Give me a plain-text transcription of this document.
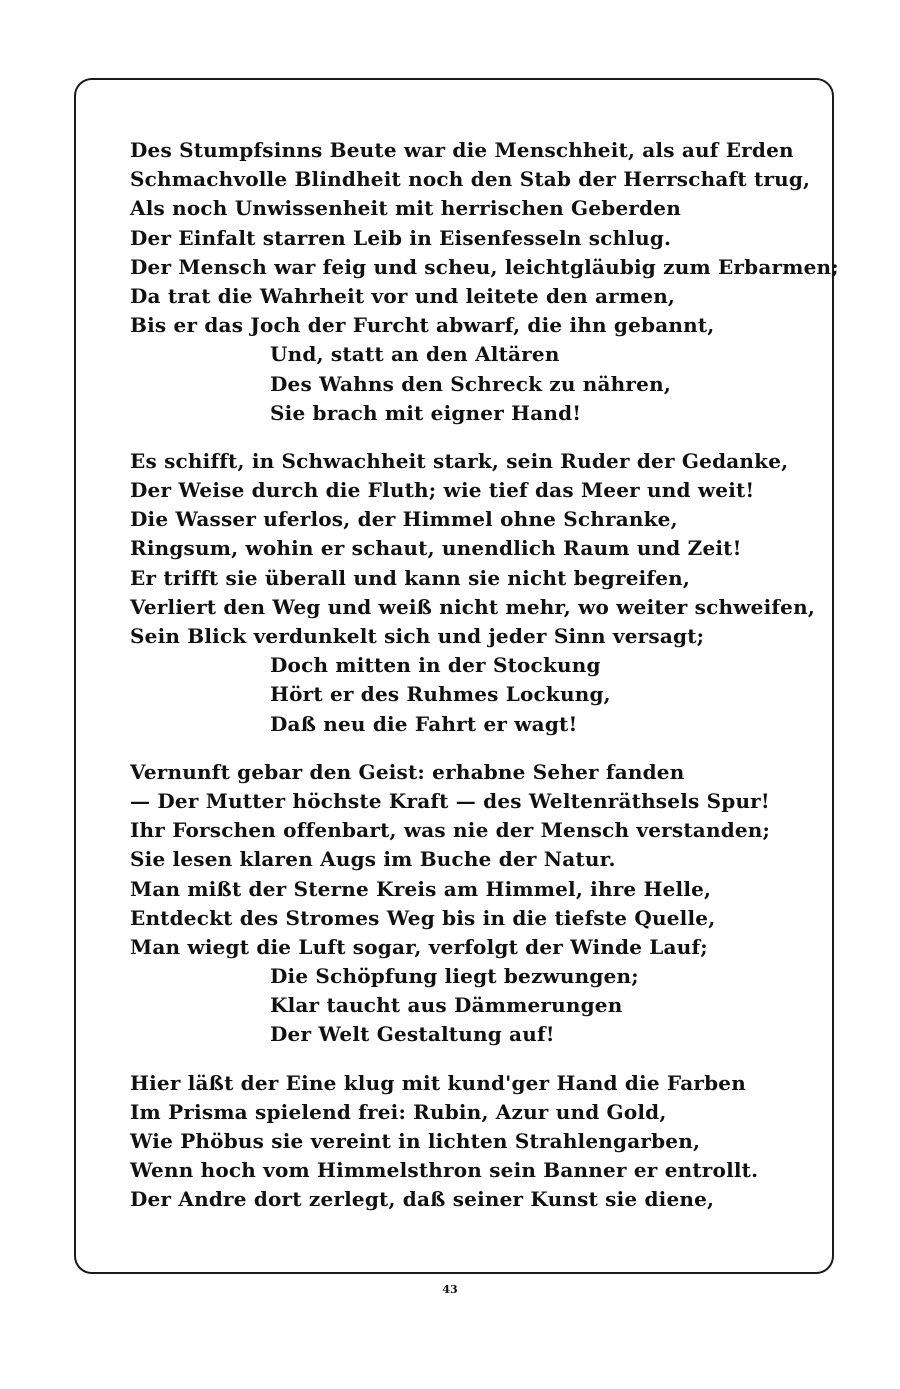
Des Stumpfsinns Beute war die Menschheit, als auf Erden
Schmachvolle Blindheit noch den Stab der Herrschaft trug,
Als noch Unwissenheit mit herrischen Geberden
Der Einfalt starren Leib in Eisenfesseln schlug.
Der Mensch war feig und scheu, leichtgläubig zum Erbarmen;
Da trat die Wahrheit vor und leitete den armen,
Bis er das Joch der Furcht abwarf, die ihn gebannt,
Und, statt an den Altären
Des Wahns den Schreck zu nähren,
Sie brach mit eigner Hand!
Es schifft, in Schwachheit stark, sein Ruder der Gedanke,
Der Weise durch die Fluth; wie tief das Meer und weit!
Die Wasser uferlos, der Himmel ohne Schranke,
Ringsum, wohin er schaut, unendlich Raum und Zeit!
Er trifft sie überall und kann sie nicht begreifen,
Verliert den Weg und weiß nicht mehr, wo weiter schweifen,
Sein Blick verdunkelt sich und jeder Sinn versagt;
Doch mitten in der Stockung
Hört er des Ruhmes Lockung,
Daß neu die Fahrt er wagt!
Vernunft gebar den Geist: erhabne Seher fanden
— Der Mutter höchste Kraft — des Weltenräthsels Spur!
Ihr Forschen offenbart, was nie der Mensch verstanden;
Sie lesen klaren Augs im Buche der Natur.
Man mißt der Sterne Kreis am Himmel, ihre Helle,
Entdeckt des Stromes Weg bis in die tiefste Quelle,
Man wiegt die Luft sogar, verfolgt der Winde Lauf;
Die Schöpfung liegt bezwungen;
Klar taucht aus Dämmerungen
Der Welt Gestaltung auf!
Hier läßt der Eine klug mit kund'ger Hand die Farben
Im Prisma spielend frei: Rubin, Azur und Gold,
Wie Phöbus sie vereint in lichten Strahlengarben,
Wenn hoch vom Himmelsthron sein Banner er entrollt.
Der Andre dort zerlegt, daß seiner Kunst sie diene,
43
